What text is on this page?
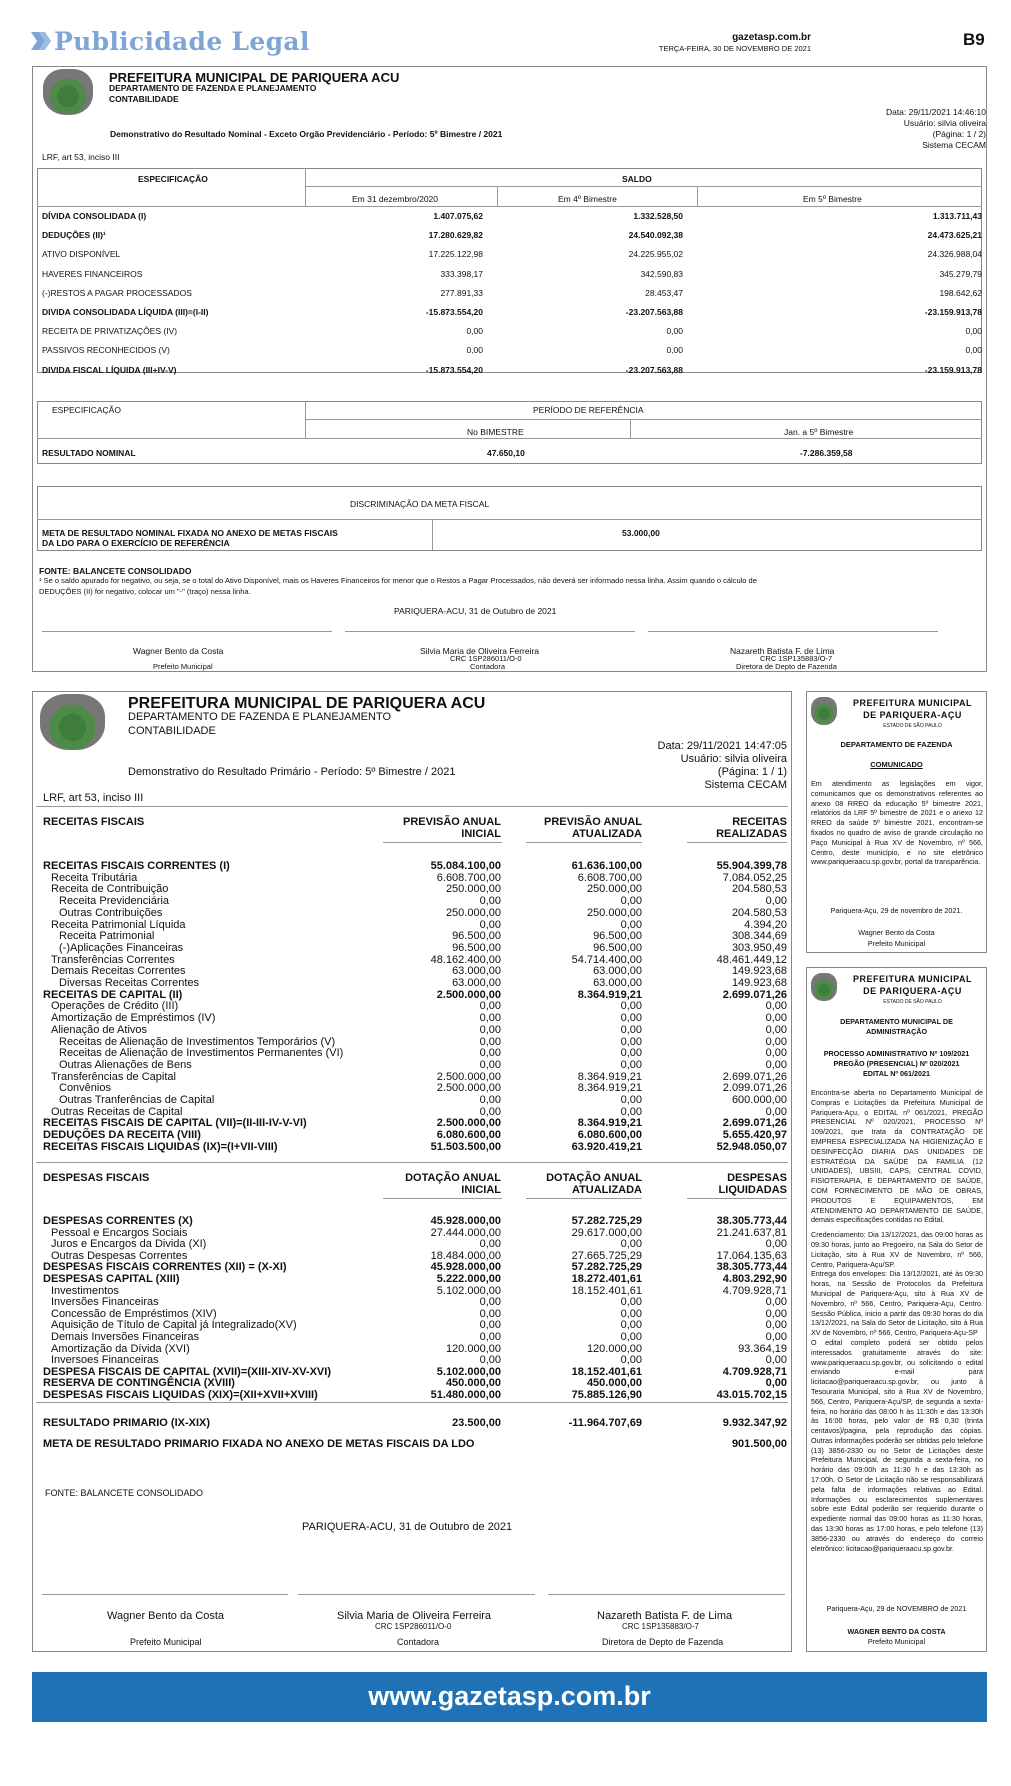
Publicidade Legal	gazetasp.com.br
TERÇA-FEIRA, 30 DE NOVEMBRO DE 2021	B9
PREFEITURA MUNICIPAL DE PARIQUERA ACU
DEPARTAMENTO DE FAZENDA E PLANEJAMENTO
CONTABILIDADE
Data: 29/11/2021 14:46:10
Usuário: silvia oliveira
(Página: 1 / 2)
Sistema CECAM
Demonstrativo do Resultado Nominal - Exceto Orgão Previdenciário - Período: 5º Bimestre / 2021
LRF, art 53, inciso III
ESPECIFICAÇÃO	SALDO
Em 31 dezembro/2020	Em 4º Bimestre	Em 5º Bimestre
DÍVIDA CONSOLIDADA (I)	1.407.075,62	1.332.528,50	1.313.711,43
DEDUÇÕES (II)¹	17.280.629,82	24.540.092,38	24.473.625,21
ATIVO DISPONÍVEL	17.225.122,98	24.225.955,02	24.326.988,04
HAVERES FINANCEIROS	333.398,17	342.590,83	345.279,79
(-)RESTOS A PAGAR PROCESSADOS	277.891,33	28.453,47	198.642,62
DIVIDA CONSOLIDADA LÍQUIDA (III)=(I-II)	-15.873.554,20	-23.207.563,88	-23.159.913,78
RECEITA DE PRIVATIZAÇÕES (IV)	0,00	0,00	0,00
PASSIVOS RECONHECIDOS (V)	0,00	0,00	0,00
DIVIDA FISCAL LÍQUIDA (III+IV-V)	-15.873.554,20	-23.207.563,88	-23.159.913,78
ESPECIFICAÇÃO	PERÍODO DE REFERÊNCIA
No BIMESTRE	Jan. a 5º Bimestre
RESULTADO NOMINAL	47.650,10	-7.286.359,58
DISCRIMINAÇÃO DA META FISCAL
META DE RESULTADO NOMINAL FIXADA NO ANEXO DE METAS FISCAIS
DA LDO PARA O EXERCÍCIO DE REFERÊNCIA
53.000,00
FONTE: BALANCETE CONSOLIDADO
¹ Se o saldo apurado for negativo, ou seja, se o total do Ativo Disponível, mais os Haveres Financeiros for menor que o Restos a Pagar Processados, não deverá ser informado nessa linha. Assim quando o cálculo de
DEDUÇÕES (II) for negativo, colocar um "-" (traço) nessa linha.
PARIQUERA-ACU, 31 de Outubro de 2021
Wagner Bento da Costa
Prefeito Municipal
Silvia Maria de Oliveira Ferreira
CRC 1SP286011/O-0
Contadora
Nazareth Batista F. de Lima
CRC 1SP135883/O-7
Diretora de Depto de Fazenda
PREFEITURA MUNICIPAL DE PARIQUERA ACU
DEPARTAMENTO DE FAZENDA E PLANEJAMENTO
CONTABILIDADE
Data: 29/11/2021 14:47:05
Usuário: silvia oliveira
(Página: 1 / 1)
Sistema CECAM
Demonstrativo do Resultado Primário - Período: 5º Bimestre / 2021
LRF, art 53, inciso III
RECEITAS FISCAIS	PREVISÃO ANUAL
INICIAL
PREVISÃO ANUAL
ATUALIZADA
RECEITAS
REALIZADAS
RECEITAS FISCAIS CORRENTES (I)	55.084.100,00	61.636.100,00	55.904.399,78
Receita Tributária	6.608.700,00	6.608.700,00	7.084.052,25
Receita de Contribuição	250.000,00	250.000,00	204.580,53
Receita Previdenciária	0,00	0,00	0,00
Outras Contribuições	250.000,00	250.000,00	204.580,53
Receita Patrimonial Líquida	0,00	0,00	4.394,20
Receita Patrimonial	96.500,00	96.500,00	308.344,69
(-)Aplicações Financeiras	96.500,00	96.500,00	303.950,49
Transferências Correntes	48.162.400,00	54.714.400,00	48.461.449,12
Demais Receitas Correntes	63.000,00	63.000,00	149.923,68
Diversas Receitas Correntes	63.000,00	63.000,00	149.923,68
RECEITAS DE CAPITAL (II)	2.500.000,00	8.364.919,21	2.699.071,26
Operações de Crédito (III)	0,00	0,00	0,00
Amortização de Empréstimos (IV)	0,00	0,00	0,00
Alienação de Ativos	0,00	0,00	0,00
Receitas de Alienação de Investimentos Temporários (V)	0,00	0,00	0,00
Receitas de Alienação de Investimentos Permanentes (VI)	0,00	0,00	0,00
Outras Alienações de Bens	0,00	0,00	0,00
Transferências de Capital	2.500.000,00	8.364.919,21	2.699.071,26
Convênios	2.500.000,00	8.364.919,21	2.099.071,26
Outras Tranferências de Capital	0,00	0,00	600.000,00
Outras Receitas de Capital	0,00	0,00	0,00
RECEITAS FISCAIS DE CAPITAL (VII)=(II-III-IV-V-VI)	2.500.000,00	8.364.919,21	2.699.071,26
DEDUÇÕES DA RECEITA (VIII)	6.080.600,00	6.080.600,00	5.655.420,97
RECEITAS FISCAIS LIQUIDAS (IX)=(I+VII-VIII)	51.503.500,00	63.920.419,21	52.948.050,07
DESPESAS FISCAIS	DOTAÇÃO ANUAL
INICIAL
DOTAÇÃO ANUAL
ATUALIZADA
DESPESAS
LIQUIDADAS
DESPESAS CORRENTES (X)	45.928.000,00	57.282.725,29	38.305.773,44
Pessoal e Encargos Sociais	27.444.000,00	29.617.000,00	21.241.637,81
Juros e Encargos da Divida (XI)	0,00	0,00	0,00
Outras Despesas Correntes	18.484.000,00	27.665.725,29	17.064.135,63
DESPESAS FISCAIS CORRENTES (XII) = (X-XI)	45.928.000,00	57.282.725,29	38.305.773,44
DESPESAS CAPITAL (XIII)	5.222.000,00	18.272.401,61	4.803.292,90
Investimentos	5.102.000,00	18.152.401,61	4.709.928,71
Inversões Financeiras	0,00	0,00	0,00
Concessão de Empréstimos (XIV)	0,00	0,00	0,00
Aquisição de Título de Capital já Integralizado(XV)	0,00	0,00	0,00
Demais Inversões Financeiras	0,00	0,00	0,00
Amortização da Dívida (XVI)	120.000,00	120.000,00	93.364,19
Inversoes Financeiras	0,00	0,00	0,00
DESPESA FISCAIS DE CAPITAL (XVII)=(XIII-XIV-XV-XVI)	5.102.000,00	18.152.401,61	4.709.928,71
RESERVA DE CONTINGÊNCIA (XVIII)	450.000,00	450.000,00	0,00
DESPESAS FISCAIS LIQUIDAS (XIX)=(XII+XVII+XVIII)	51.480.000,00	75.885.126,90	43.015.702,15
RESULTADO PRIMARIO (IX-XIX)	23.500,00	-11.964.707,69	9.932.347,92
META DE RESULTADO PRIMARIO FIXADA NO ANEXO DE METAS FISCAIS DA LDO	901.500,00
FONTE: BALANCETE CONSOLIDADO
PARIQUERA-ACU, 31 de Outubro de 2021
Wagner Bento da Costa
Prefeito Municipal
Silvia Maria de Oliveira Ferreira
CRC 1SP286011/O-0
Contadora
Nazareth Batista F. de Lima
CRC 1SP135883/O-7
Diretora de Depto de Fazenda
PREFEITURA MUNICIPAL
DE PARIQUERA-AÇU
ESTADO DE SÃO PAULO
DEPARTAMENTO DE FAZENDA
COMUNICADO
Em atendimento as legislações em vigor, comunicamos que os demonstrativos referentes ao anexo 08 RREO da educação 5º bimestre 2021, relatórios da LRF 5º bimestre de 2021 e o anexo 12 RREO da saúde 5º bimestre 2021, encontram-se fixados no quadro de aviso de grande circulação no Paço Municipal à Rua XV de Novembro, nº 566, Centro, deste município, e no site eletrônico www.pariqueraacu.sp.gov.br, portal da transparência.
Pariquera-Açu, 29 de novembro de 2021.
Wagner Bento da Costa
Prefeito Municipal
PREFEITURA MUNICIPAL
DE PARIQUERA-AÇU
ESTADO DE SÃO PAULO
DEPARTAMENTO MUNICIPAL DE
ADMINISTRAÇÃO
PROCESSO ADMINISTRATIVO Nº 109/2021
PREGÃO (PRESENCIAL) Nº 020/2021
EDITAL Nº 061/2021

Encontra-se aberta no Departamento Municipal de Compras e Licitações da Prefeitura Municipal de Pariquera-Açu, o EDITAL nº 061/2021, PREGÃO PRESENCIAL Nº 020/2021, PROCESSO Nº 109/2021, que trata da CONTRATAÇÃO DE EMPRESA ESPECIALIZADA NA HIGIENIZAÇÃO E DESINFECÇÃO DIARIA DAS UNIDADES DE ESTRATÉGIA DA SAÚDE DA FAMILIA (12 UNIDADES), UBSIII, CAPS, CENTRAL COVID, FISIOTERAPIA, E DEPARTAMENTO DE SAÚDE, COM FORNECIMENTO DE MÃO DE OBRAS, PRODUTOS E EQUIPAMENTOS, EM ATENDIMENTO AO DEPARTAMENTO DE SAÚDE, demais especificações contidas no Edital.

Credenciamento: Dia 13/12/2021, das 09:00 horas as 09:30 horas, junto ao Pregoeiro, na Sala do Setor de Licitação, sito à Rua XV de Novembro, nº 566, Centro, Pariquera-Açu/SP.

Entrega dos envelopes: Dia 13/12/2021, até às 09:30 horas, na Sessão de Protocolos da Prefeitura Municipal de Pariquera-Açu, sito à Rua XV de Novembro, nº 566, Centro, Pariquera-Açu, Centro. Sessão Pública, inicio a partir das 09:30 horas do dia 13/12/2021, na Sala do Setor de Licitação, sito à Rua XV de Novembro, nº 566, Centro, Pariquera-Açu-SP

O edital completo poderá ser obtido pelos interessados gratuitamente através do site: www.pariqueraacu.sp.gov.br, ou solicitando o edital enviando e-mail para licitacao@pariqueraacu.sp.gov.br, ou junto à Tesouraria Municipal, sito à Rua XV de Novembro, 566, Centro, Pariquera-Açu/SP, de segunda a sexta-feira, no horário das 08:00 h às 11:30h e das 13:30h às 16:00 horas, pelo valor de R$ 0,30 (trinta centavos)/pagina, pela reprodução das cópias. Outras informações poderão ser obtidas pelo telefone (13) 3856-2330 ou no Setor de Licitações deste Prefeitura Municipal, de segunda a sexta-feira, no horário das 09:00h as 11:30 h e das 13:30h as 17:00h. O Setor de Licitação não se responsabilizará pela falta de informações relativas ao Edital. Informações ou esclarecimentos suplementares sobre este Edital poderão ser requerido durante o expediente normal das 09:00 horas as 11:30 horas, das 13:30 horas as 17:00 horas, e pelo telefone (13) 3856-2330 ou através do endereço do correio eletrônico: licitacao@pariqueraacu.sp.gov.br.

Pariquera-Açu, 29 de NOVEMBRO de 2021
WAGNER BENTO DA COSTA
Prefeito Municipal
www.gazetasp.com.br
